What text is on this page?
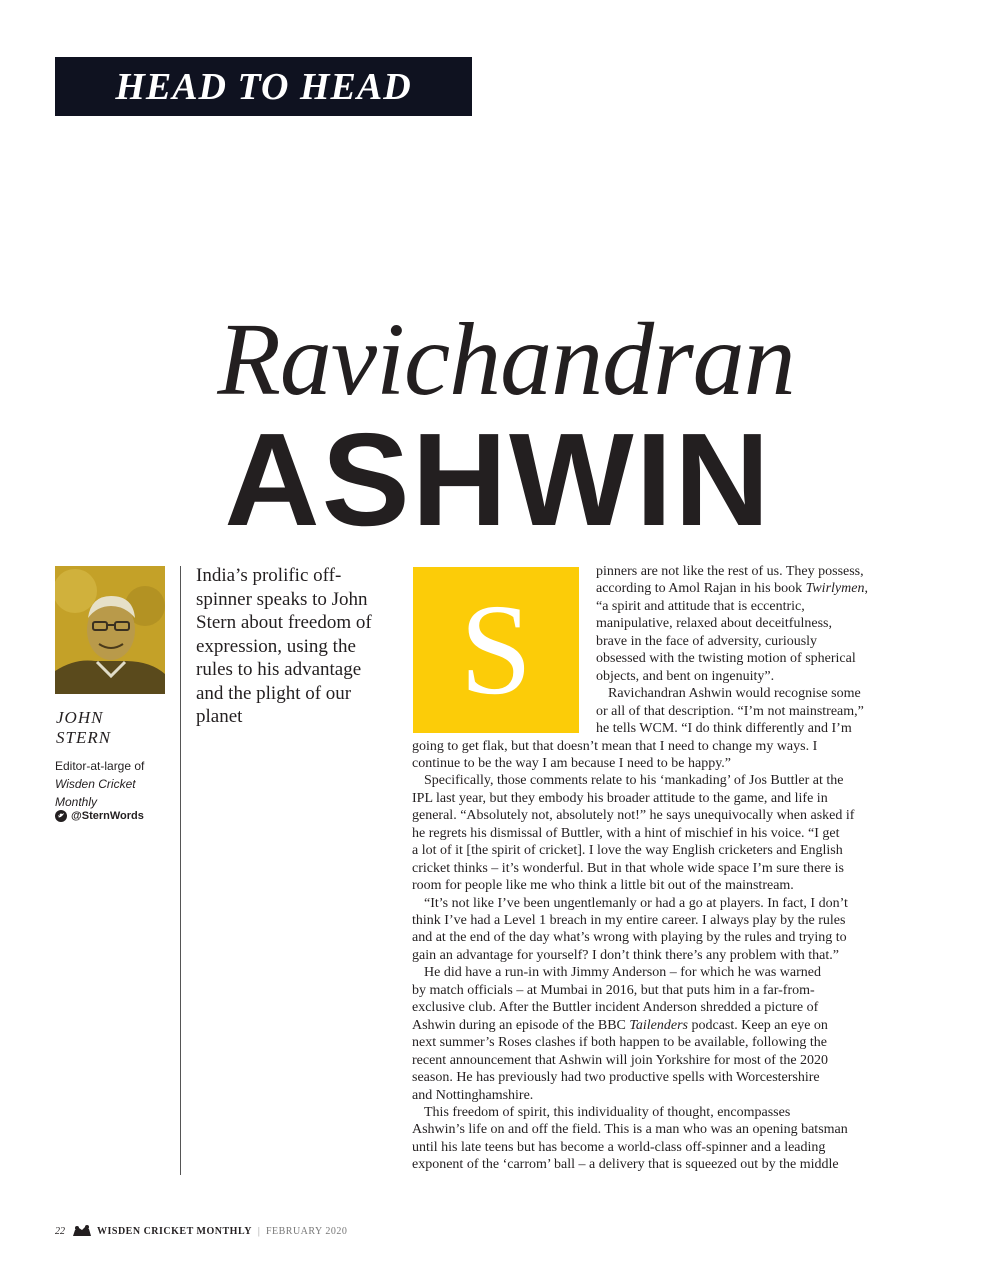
HEAD TO HEAD
Ravichandran
ASHWIN
JOHN
STERN
Editor-at-large of
Wisden Cricket Monthly
@SternWords
India’s prolific off-spinner speaks to John Stern about freedom of expression, using the rules to his advantage and the plight of our planet	S
pinners are not like the rest of us. They possess,
according to Amol Rajan in his book Twirlymen,
“a spirit and attitude that is eccentric,
manipulative, relaxed about deceitfulness,
brave in the face of adversity, curiously
obsessed with the twisting motion of spherical
objects, and bent on ingenuity”.
Ravichandran Ashwin would recognise some
or all of that description. “I’m not mainstream,”
he tells WCM. “I do think differently and I’m
going to get flak, but that doesn’t mean that I need to change my ways. I
continue to be the way I am because I need to be happy.”
Specifically, those comments relate to his ‘mankading’ of Jos Buttler at the
IPL last year, but they embody his broader attitude to the game, and life in
general. “Absolutely not, absolutely not!” he says unequivocally when asked if
he regrets his dismissal of Buttler, with a hint of mischief in his voice. “I get
a lot of it [the spirit of cricket]. I love the way English cricketers and English
cricket thinks – it’s wonderful. But in that whole wide space I’m sure there is
room for people like me who think a little bit out of the mainstream.
“It’s not like I’ve been ungentlemanly or had a go at players. In fact, I don’t
think I’ve had a Level 1 breach in my entire career. I always play by the rules
and at the end of the day what’s wrong with playing by the rules and trying to
gain an advantage for yourself? I don’t think there’s any problem with that.”
He did have a run-in with Jimmy Anderson – for which he was warned
by match officials – at Mumbai in 2016, but that puts him in a far-from-
exclusive club. After the Buttler incident Anderson shredded a picture of
Ashwin during an episode of the BBC Tailenders podcast. Keep an eye on
next summer’s Roses clashes if both happen to be available, following the
recent announcement that Ashwin will join Yorkshire for most of the 2020
season. He has previously had two productive spells with Worcestershire
and Nottinghamshire.
This freedom of spirit, this individuality of thought, encompasses
Ashwin’s life on and off the field. This is a man who was an opening batsman
until his late teens but has become a world-class off-spinner and a leading
exponent of the ‘carrom’ ball – a delivery that is squeezed out by the middle
22	WISDEN CRICKET MONTHLY | FEBRUARY 2020
